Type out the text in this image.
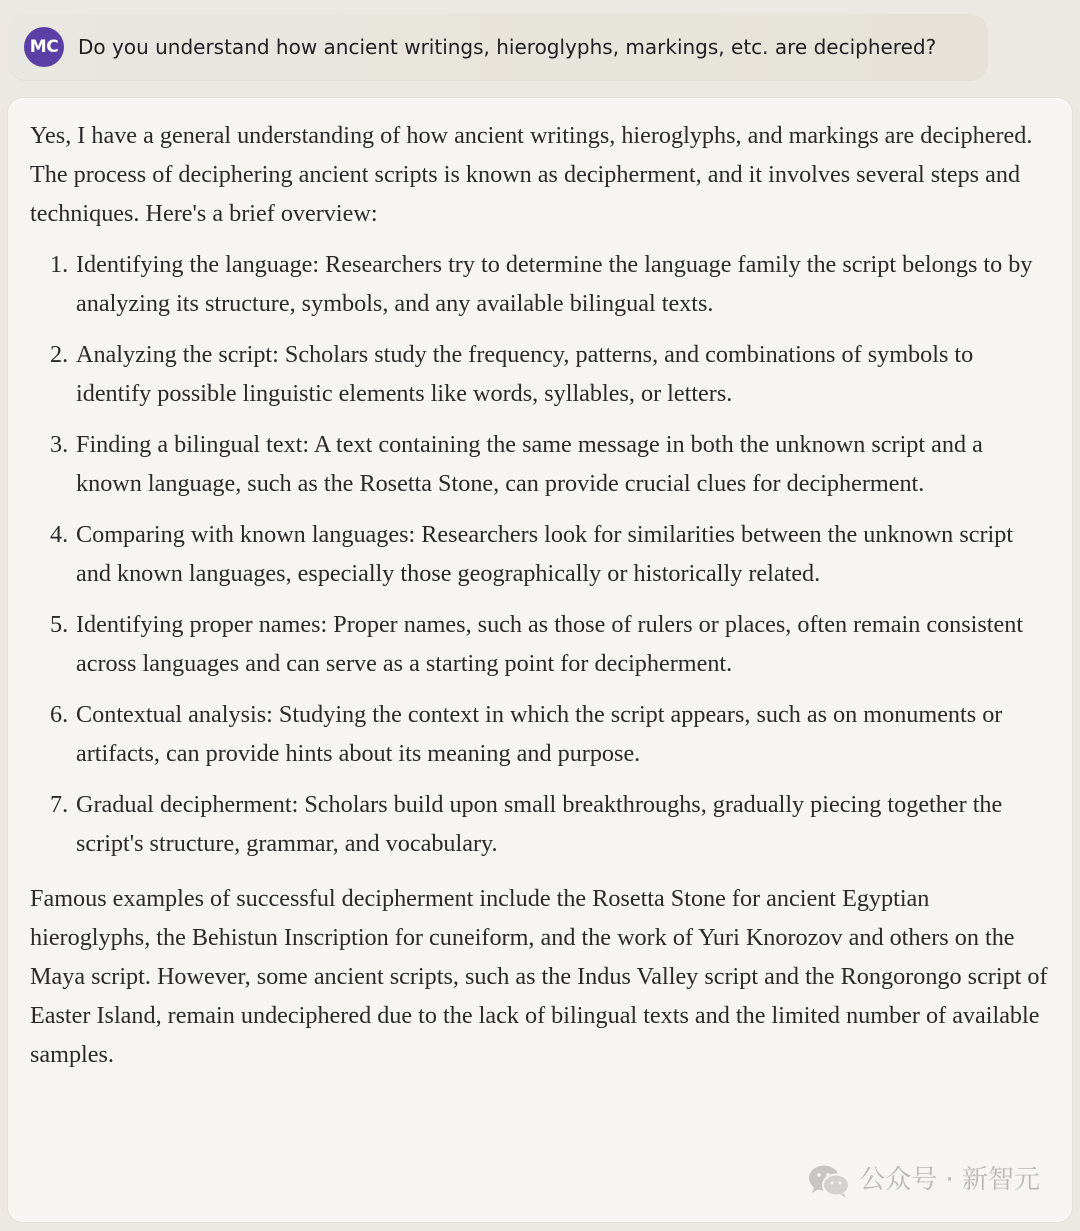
MC Do you understand how ancient writings, hieroglyphs, markings, etc. are deciphered?

Yes, I have a general understanding of how ancient writings, hieroglyphs, and markings are deciphered. The process of deciphering ancient scripts is known as decipherment, and it involves several steps and techniques. Here's a brief overview:

1. Identifying the language: Researchers try to determine the language family the script belongs to by analyzing its structure, symbols, and any available bilingual texts.
2. Analyzing the script: Scholars study the frequency, patterns, and combinations of symbols to identify possible linguistic elements like words, syllables, or letters.
3. Finding a bilingual text: A text containing the same message in both the unknown script and a known language, such as the Rosetta Stone, can provide crucial clues for decipherment.
4. Comparing with known languages: Researchers look for similarities between the unknown script and known languages, especially those geographically or historically related.
5. Identifying proper names: Proper names, such as those of rulers or places, often remain consistent across languages and can serve as a starting point for decipherment.
6. Contextual analysis: Studying the context in which the script appears, such as on monuments or artifacts, can provide hints about its meaning and purpose.
7. Gradual decipherment: Scholars build upon small breakthroughs, gradually piecing together the script's structure, grammar, and vocabulary.

Famous examples of successful decipherment include the Rosetta Stone for ancient Egyptian hieroglyphs, the Behistun Inscription for cuneiform, and the work of Yuri Knorozov and others on the Maya script. However, some ancient scripts, such as the Indus Valley script and the Rongorongo script of Easter Island, remain undeciphered due to the lack of bilingual texts and the limited number of available samples.

公众号 · 新智元
